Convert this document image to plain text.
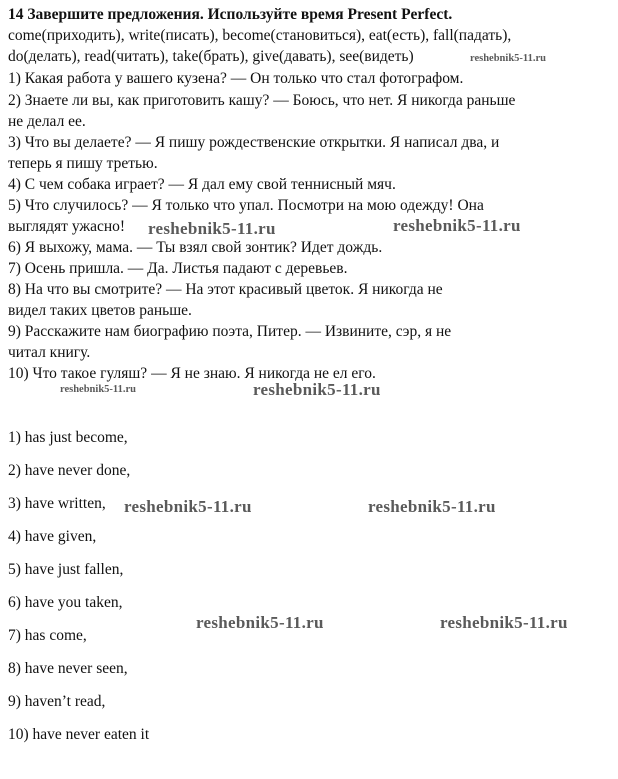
14 Завершите предложения. Используйте время Present Perfect.

come(приходить), write(писать), become(становиться), eat(есть), fall(падать),

do(делать), read(читать), take(брать), give(давать), see(видеть)

1) Какая работа у вашего кузена? — Он только что стал фотографом.

2) Знаете ли вы, как приготовить кашу? — Боюсь, что нет. Я никогда раньше

не делал ее.

3) Что вы делаете? — Я пишу рождественские открытки. Я написал два, и

теперь я пишу третью.

4) С чем собака играет? — Я дал ему свой теннисный мяч.

5) Что случилось? — Я только что упал. Посмотри на мою одежду! Она

выглядят ужасно!

6) Я выхожу, мама. — Ты взял свой зонтик? Идет дождь.

7) Осень пришла. — Да. Листья падают с деревьев.

8) На что вы смотрите? — На этот красивый цветок. Я никогда не

видел таких цветов раньше.

9) Расскажите нам биографию поэта, Питер. — Извините, сэр, я не

читал книгу.

10) Что такое гуляш? — Я не знаю. Я никогда не ел его.

1) has just become,

2) have never done,

3) have written,

4) have given,

5) have just fallen,

6) have you taken,

7) has come,

8) have never seen,

9) haven’t read,

10) have never eaten it

reshebnik5-11.ru
reshebnik5-11.ru	reshebnik5-11.ru
reshebnik5-11.ru	reshebnik5-11.ru
reshebnik5-11.ru	reshebnik5-11.ru
reshebnik5-11.ru	reshebnik5-11.ru
